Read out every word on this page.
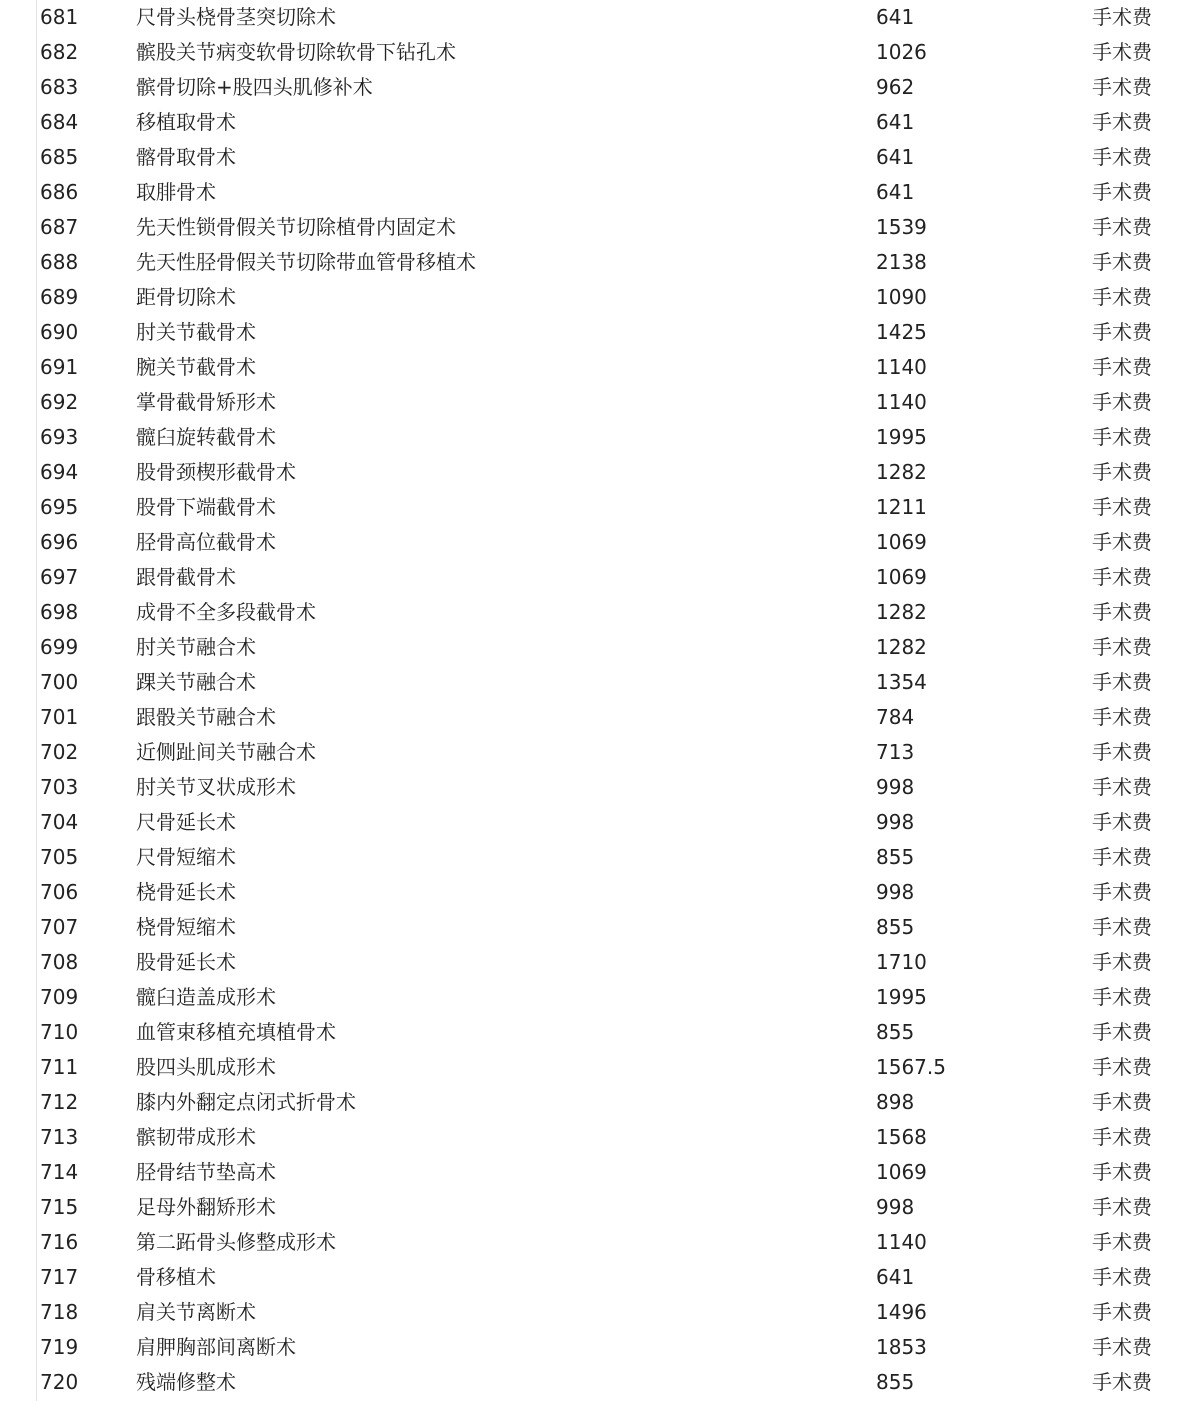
681	尺骨头桡骨茎突切除术	641	手术费
682	髌股关节病变软骨切除软骨下钻孔术	1026	手术费
683	髌骨切除+股四头肌修补术	962	手术费
684	移植取骨术	641	手术费
685	髂骨取骨术	641	手术费
686	取腓骨术	641	手术费
687	先天性锁骨假关节切除植骨内固定术	1539	手术费
688	先天性胫骨假关节切除带血管骨移植术	2138	手术费
689	距骨切除术	1090	手术费
690	肘关节截骨术	1425	手术费
691	腕关节截骨术	1140	手术费
692	掌骨截骨矫形术	1140	手术费
693	髋臼旋转截骨术	1995	手术费
694	股骨颈楔形截骨术	1282	手术费
695	股骨下端截骨术	1211	手术费
696	胫骨高位截骨术	1069	手术费
697	跟骨截骨术	1069	手术费
698	成骨不全多段截骨术	1282	手术费
699	肘关节融合术	1282	手术费
700	踝关节融合术	1354	手术费
701	跟骰关节融合术	784	手术费
702	近侧趾间关节融合术	713	手术费
703	肘关节叉状成形术	998	手术费
704	尺骨延长术	998	手术费
705	尺骨短缩术	855	手术费
706	桡骨延长术	998	手术费
707	桡骨短缩术	855	手术费
708	股骨延长术	1710	手术费
709	髋臼造盖成形术	1995	手术费
710	血管束移植充填植骨术	855	手术费
711	股四头肌成形术	1567.5	手术费
712	膝内外翻定点闭式折骨术	898	手术费
713	髌韧带成形术	1568	手术费
714	胫骨结节垫高术	1069	手术费
715	足母外翻矫形术	998	手术费
716	第二跖骨头修整成形术	1140	手术费
717	骨移植术	641	手术费
718	肩关节离断术	1496	手术费
719	肩胛胸部间离断术	1853	手术费
720	残端修整术	855	手术费
